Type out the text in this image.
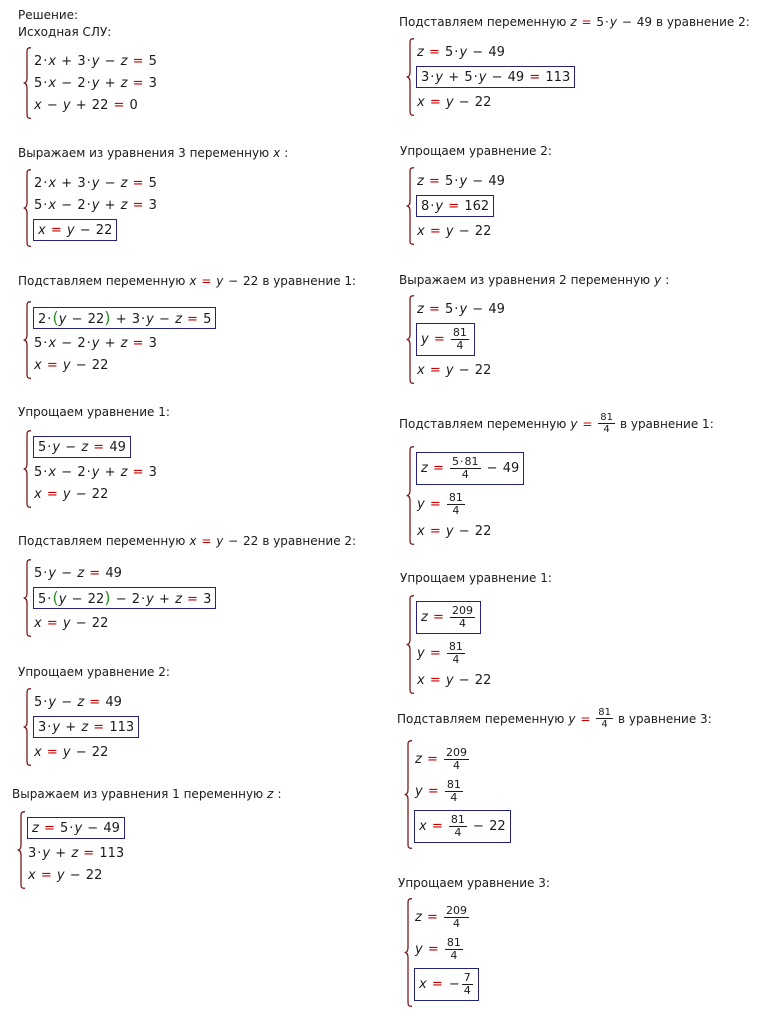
Решение:
Исходная СЛУ:
2·x + 3·y − z = 5
5·x − 2·y + z = 3
x − y + 22 = 0
Выражаем из уравнения 3 переменную x :
2·x + 3·y − z = 5
5·x − 2·y + z = 3
x = y − 22
Подставляем переменную x = y − 22 в уравнение 1:
2·(y − 22) + 3·y − z = 5
5·x − 2·y + z = 3
x = y − 22
Упрощаем уравнение 1:
5·y − z = 49
5·x − 2·y + z = 3
x = y − 22
Подставляем переменную x = y − 22 в уравнение 2:
5·y − z = 49
5·(y − 22) − 2·y + z = 3
x = y − 22
Упрощаем уравнение 2:
5·y − z = 49
3·y + z = 113
x = y − 22
Выражаем из уравнения 1 переменную z :
z = 5·y − 49
3·y + z = 113
x = y − 22
Подставляем переменную z = 5·y − 49 в уравнение 2:
z = 5·y − 49
3·y + 5·y − 49 = 113
x = y − 22
Упрощаем уравнение 2:
z = 5·y − 49
8·y = 162
x = y − 22
Выражаем из уравнения 2 переменную y :
z = 5·y − 49
$y = \frac{81}{4}$
x = y − 22
Подставляем переменную $y = \frac{81}{4}$ в уравнение 1:
$z = \frac{5\cdot 81}{4} - 49$
$y = \frac{81}{4}$
x = y − 22
Упрощаем уравнение 1:
$z = \frac{209}{4}$
$y = \frac{81}{4}$
x = y − 22
Подставляем переменную $y = \frac{81}{4}$ в уравнение 3:
$z = \frac{209}{4}$
$y = \frac{81}{4}$
$x = \frac{81}{4} - 22$
Упрощаем уравнение 3:
$z = \frac{209}{4}$
$y = \frac{81}{4}$
x = − $\frac{7}{4}$
